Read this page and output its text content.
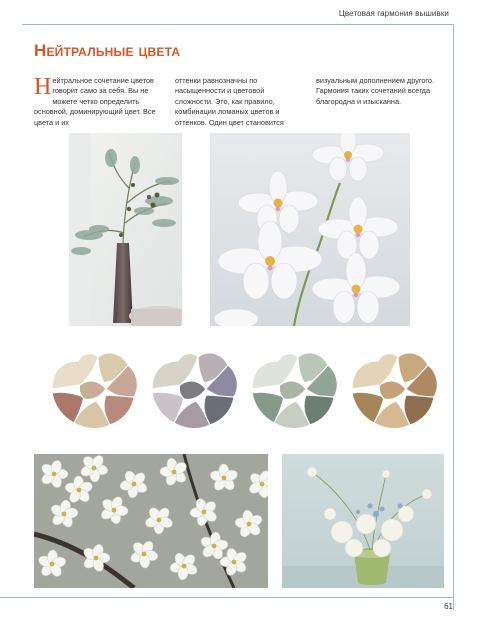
Цветовая гармония вышивки
Нейтральные цвета
Нейтральное сочетание цветов говорит само за себя. Вы не можете четко определить основной, доминирующий цвет. Все цвета и их
оттенки равнозначны по насыщенности и цветовой сложности. Это, как правило, комбинации ломаных цветов и оттенков. Один цвет становится
визуальным дополнением другого. Гармония таких сочетаний всегда благородна и изысканна.
61
